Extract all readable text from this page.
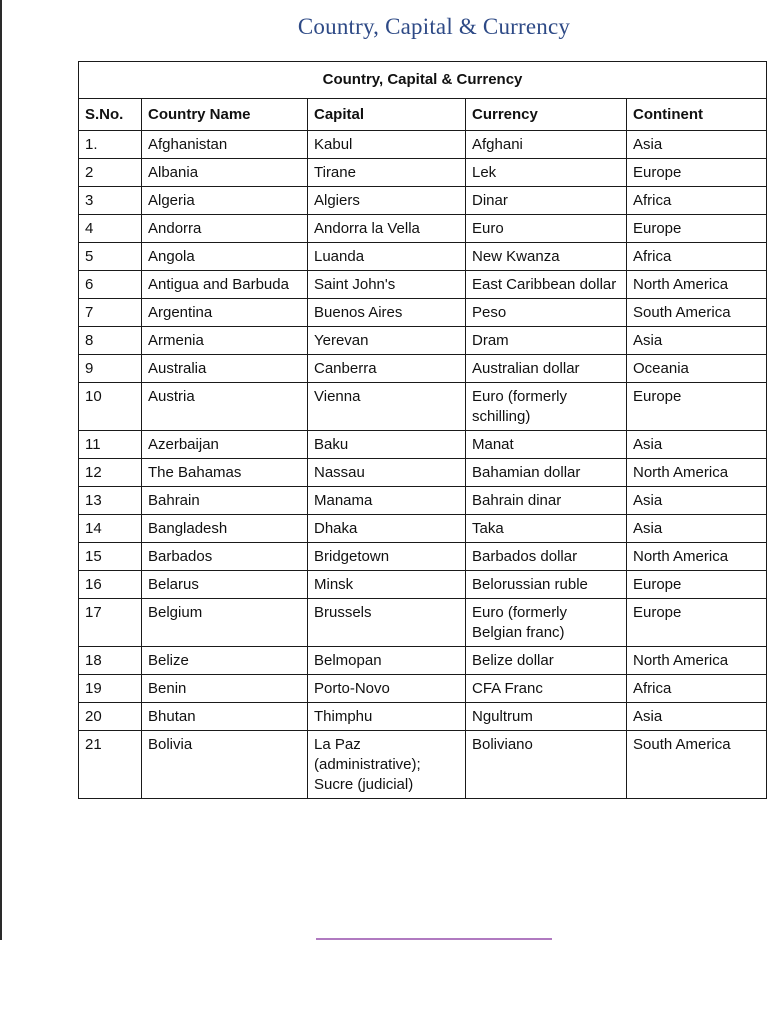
Country, Capital & Currency
Country, Capital & Currency				
S.No.	Country Name	Capital	Currency	Continent
1.	Afghanistan	Kabul	Afghani	Asia
2	Albania	Tirane	Lek	Europe
3	Algeria	Algiers	Dinar	Africa
4	Andorra	Andorra la Vella	Euro	Europe
5	Angola	Luanda	New Kwanza	Africa
6	Antigua and Barbuda	Saint John's	East Caribbean dollar	North America
7	Argentina	Buenos Aires	Peso	South America
8	Armenia	Yerevan	Dram	Asia
9	Australia	Canberra	Australian dollar	Oceania
10	Austria	Vienna	Euro (formerly schilling)	Europe
11	Azerbaijan	Baku	Manat	Asia
12	The Bahamas	Nassau	Bahamian dollar	North America
13	Bahrain	Manama	Bahrain dinar	Asia
14	Bangladesh	Dhaka	Taka	Asia
15	Barbados	Bridgetown	Barbados dollar	North America
16	Belarus	Minsk	Belorussian ruble	Europe
17	Belgium	Brussels	Euro (formerly Belgian franc)	Europe
18	Belize	Belmopan	Belize dollar	North America
19	Benin	Porto-Novo	CFA Franc	Africa
20	Bhutan	Thimphu	Ngultrum	Asia
21	Bolivia	La Paz (administrative); Sucre (judicial)	Boliviano	South America
